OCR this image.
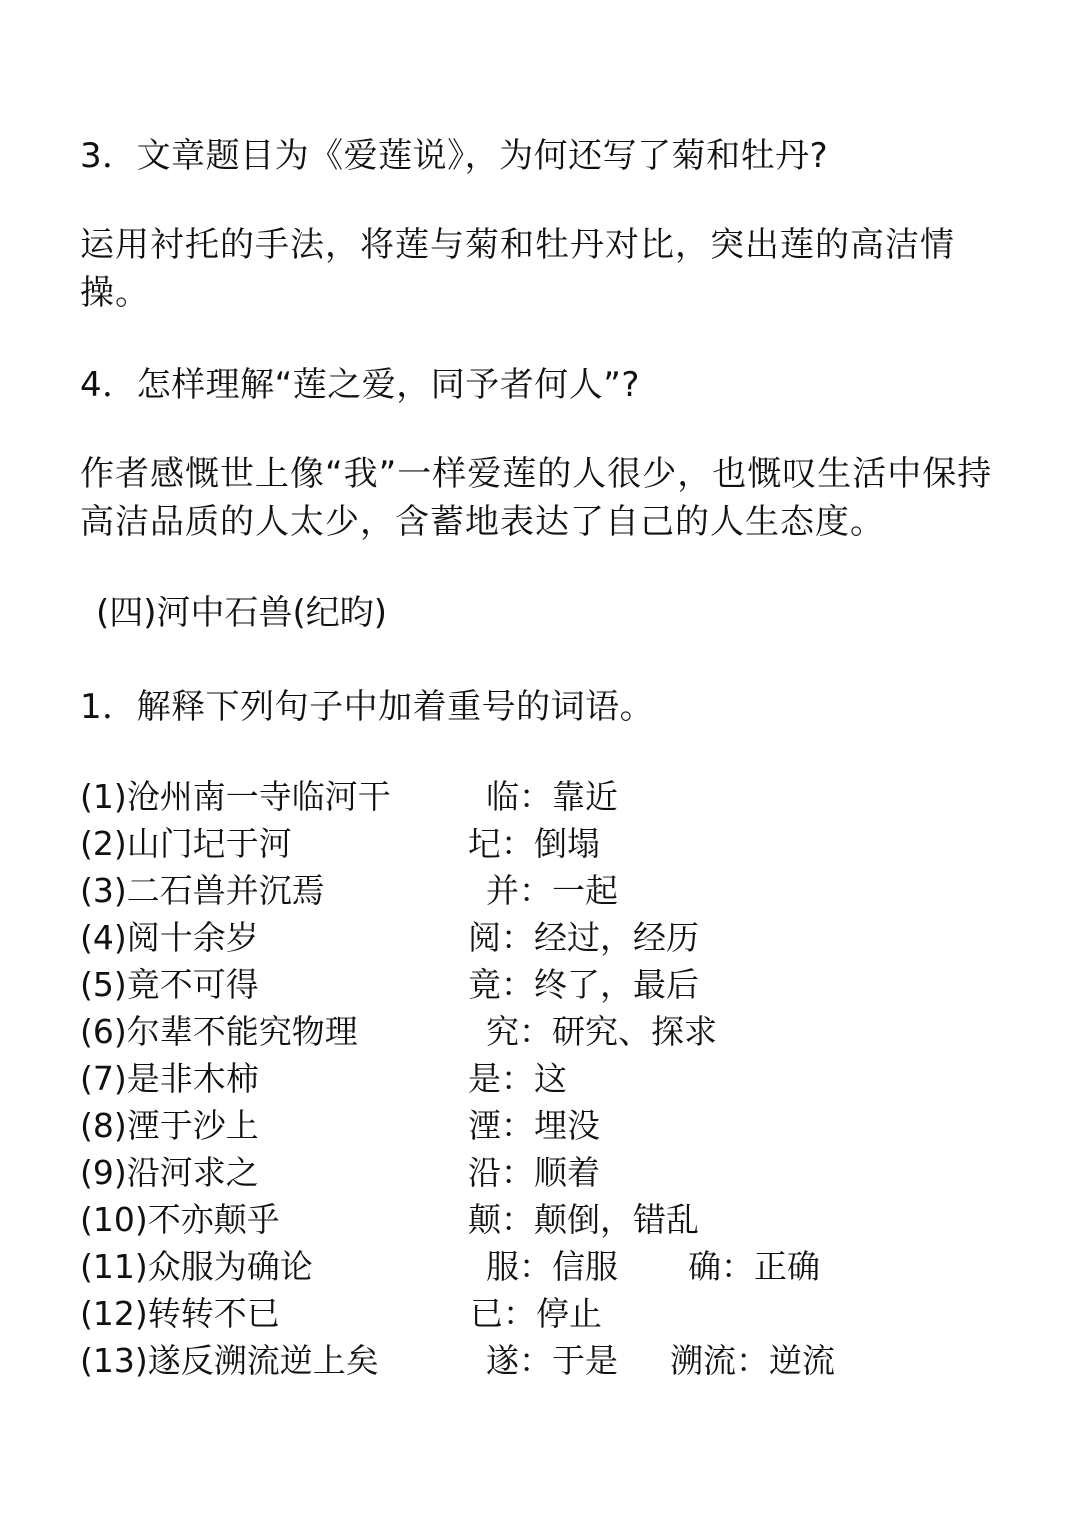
3．文章题目为《爱莲说》，为何还写了菊和牡丹?
运用衬托的手法，将莲与菊和牡丹对比，突出莲的高洁情
操。
4．怎样理解“莲之爱，同予者何人”?
作者感慨世上像“我”一样爱莲的人很少，也慨叹生活中保持
高洁品质的人太少，含蓄地表达了自己的人生态度。
(四)河中石兽(纪昀)
1．解释下列句子中加着重号的词语。
(1)沧州南一寺临河干	临：靠近
(2)山门圮于河	圮：倒塌
(3)二石兽并沉焉	并：一起
(4)阅十余岁	阅：经过，经历
(5)竟不可得	竟：终了，最后
(6)尔辈不能究物理	究：研究、探求
(7)是非木柿	是：这
(8)湮于沙上	湮：埋没
(9)沿河求之	沿：顺着
(10)不亦颠乎	颠：颠倒，错乱
(11)众服为确论	服：信服 确：正确
(12)转转不已	已：停止
(13)遂反溯流逆上矣	遂：于是 溯流：逆流
